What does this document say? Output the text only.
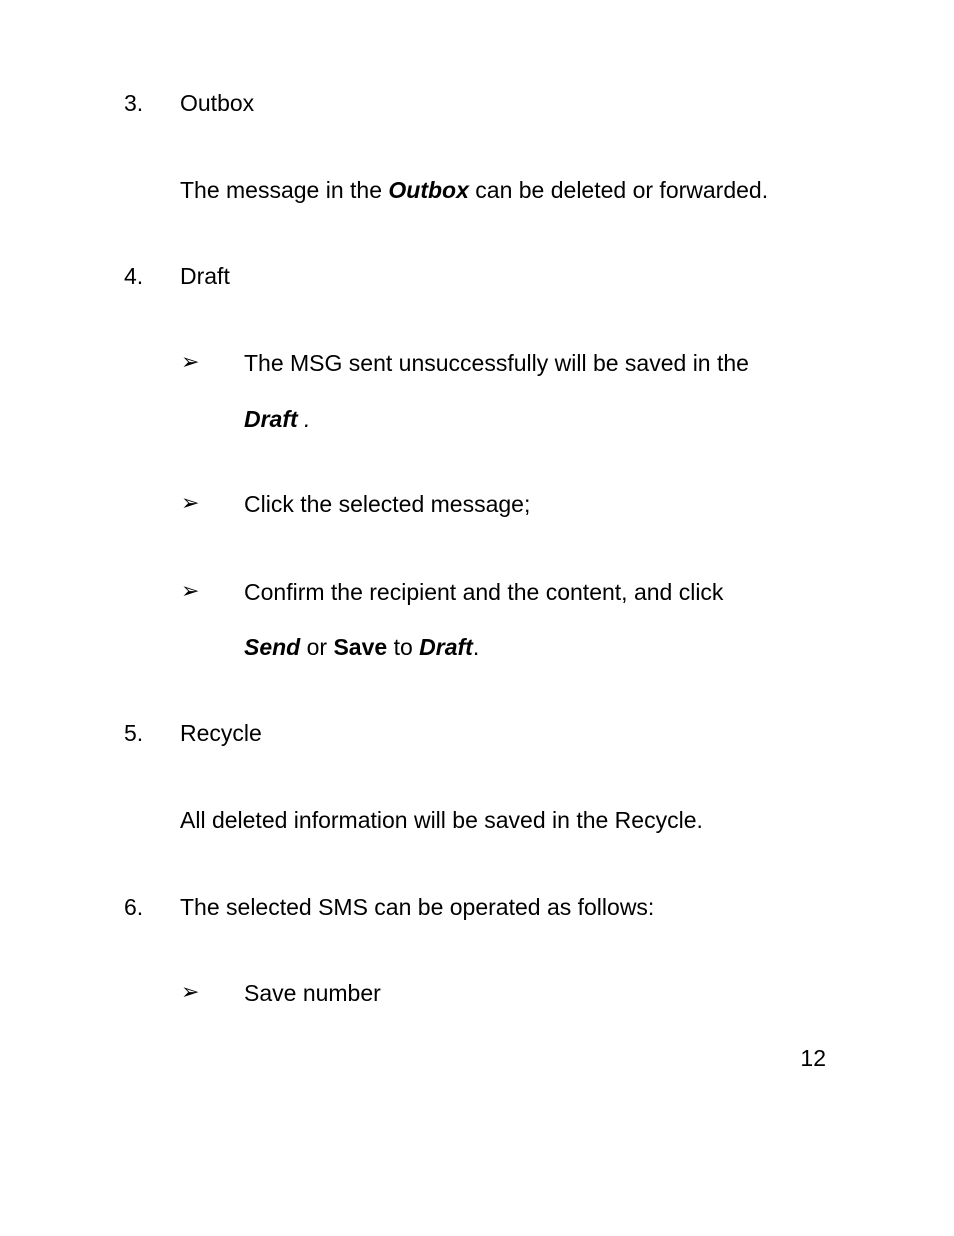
3. Outbox
The message in the Outbox can be deleted or forwarded.
4. Draft
➢ The MSG sent unsuccessfully will be saved in the
Draft .
➢ Click the selected message;
➢ Confirm the recipient and the content, and click
Send or Save to Draft.
5. Recycle
All deleted information will be saved in the Recycle.
6. The selected SMS can be operated as follows:
➢ Save number
12
